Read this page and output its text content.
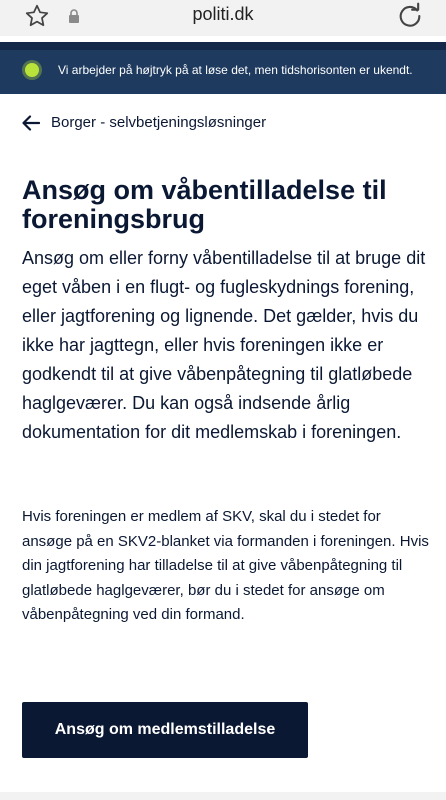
politi.dk
Vi arbejder på højtryk på at løse det, men tidshorisonten er ukendt.
Borger - selvbetjeningsløsninger
Ansøg om våbentilladelse til foreningsbrug

Ansøg om eller forny våbentilladelse til at bruge dit eget våben i en flugt- og fugleskydnings forening, eller jagtforening og lignende. Det gælder, hvis du ikke har jagttegn, eller hvis foreningen ikke er godkendt til at give våbenpåtegning til glatløbede haglgeværer. Du kan også indsende årlig dokumentation for dit medlemskab i foreningen.

Hvis foreningen er medlem af SKV, skal du i stedet for ansøge på en SKV2-blanket via formanden i foreningen. Hvis din jagtforening har tilladelse til at give våbenpåtegning til glatløbede haglgeværer, bør du i stedet for ansøge om våbenpåtegning ved din formand.

Ansøg om medlemstilladelse
